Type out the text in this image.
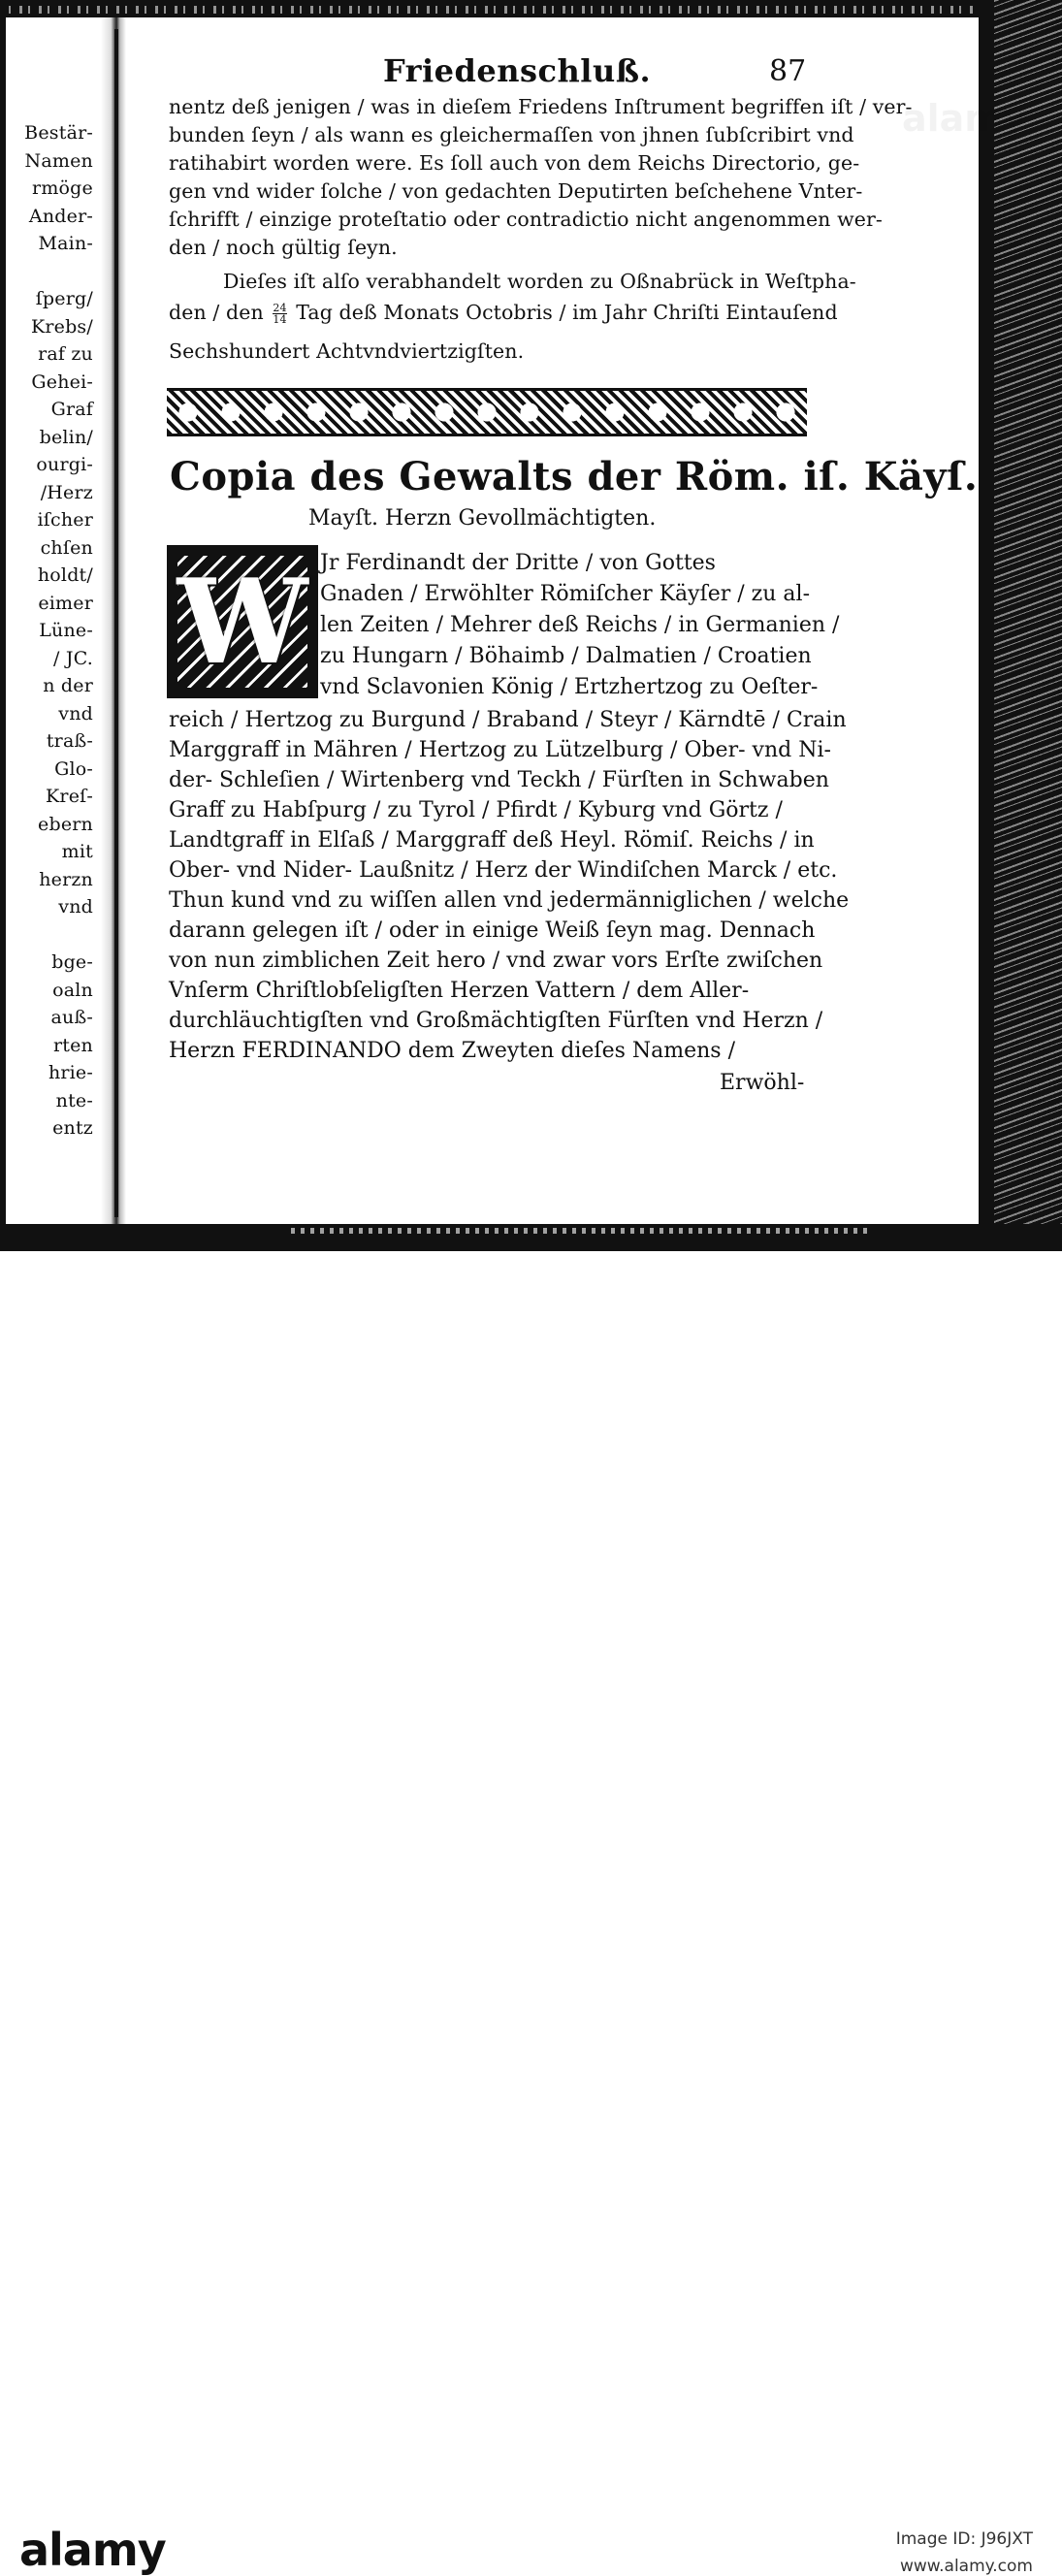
Bestär-
Namen
rmöge
Ander-
Main-
ſperg/
Krebs/
raf zu
Gehei-
Graf
belin/
ourgi-
/Herz
iſcher
chſen
holdt/
eimer
Lüne-
/ JC.
n der
vnd
traß-
Glo-
Kreſ-
ebern
mit
herzn
vnd
bge-
oaln
auß-
rten
hrie-
nte-
entz
Friedenschluß.	87
nentz deß jenigen / was in dieſem Friedens Inſtrument begriffen iſt / ver-
bunden ſeyn / als wann es gleichermaſſen von jhnen ſubſcribirt vnd
ratihabirt worden were. Es ſoll auch von dem Reichs Directorio, ge-
gen vnd wider ſolche / von gedachten Deputirten beſchehene Vnter-
ſchrifft / einzige proteſtatio oder contradictio nicht angenommen wer-
den / noch gültig ſeyn.
Dieſes iſt alſo verabhandelt worden zu Oßnabrück in Weſtpha-
den / den $\frac{24}{14}$ Tag deß Monats Octobris / im Jahr Chriſti Eintauſend
Sechshundert Achtvndviertzigſten.
Copia des Gewalts der Röm. iſ. Käyſ.
Mayſt. Herzn Gevollmächtigten.
W Jr Ferdinandt der Dritte / von Gottes
Gnaden / Erwöhlter Römiſcher Käyſer / zu al-
len Zeiten / Mehrer deß Reichs / in Germanien /
zu Hungarn / Böhaimb / Dalmatien / Croatien
vnd Sclavonien König / Ertzhertzog zu Oeſter-
reich / Hertzog zu Burgund / Braband / Steyr / Kärndtē / Crain
Marggraff in Mähren / Hertzog zu Lützelburg / Ober- vnd Ni-
der- Schleſien / Wirtenberg vnd Teckh / Fürſten in Schwaben
Graff zu Habſpurg / zu Tyrol / Pfirdt / Kyburg vnd Görtz /
Landtgraff in Elſaß / Marggraff deß Heyl. Römiſ. Reichs / in
Ober- vnd Nider- Laußnitz / Herz der Windiſchen Marck / etc.
Thun kund vnd zu wiſſen allen vnd jedermänniglichen / welche
darann gelegen iſt / oder in einige Weiß ſeyn mag. Dennach
von nun zimblichen Zeit hero / vnd zwar vors Erſte zwiſchen
Vnſerm Chriſtlobſeligſten Herzen Vattern / dem Aller-
durchläuchtigſten vnd Großmächtigſten Fürſten vnd Herzn /
Herzn FERDINANDO dem Zweyten dieſes Namens /
Erwöhl-
alamy
alamy	Image ID: J96JXT
www.alamy.com
